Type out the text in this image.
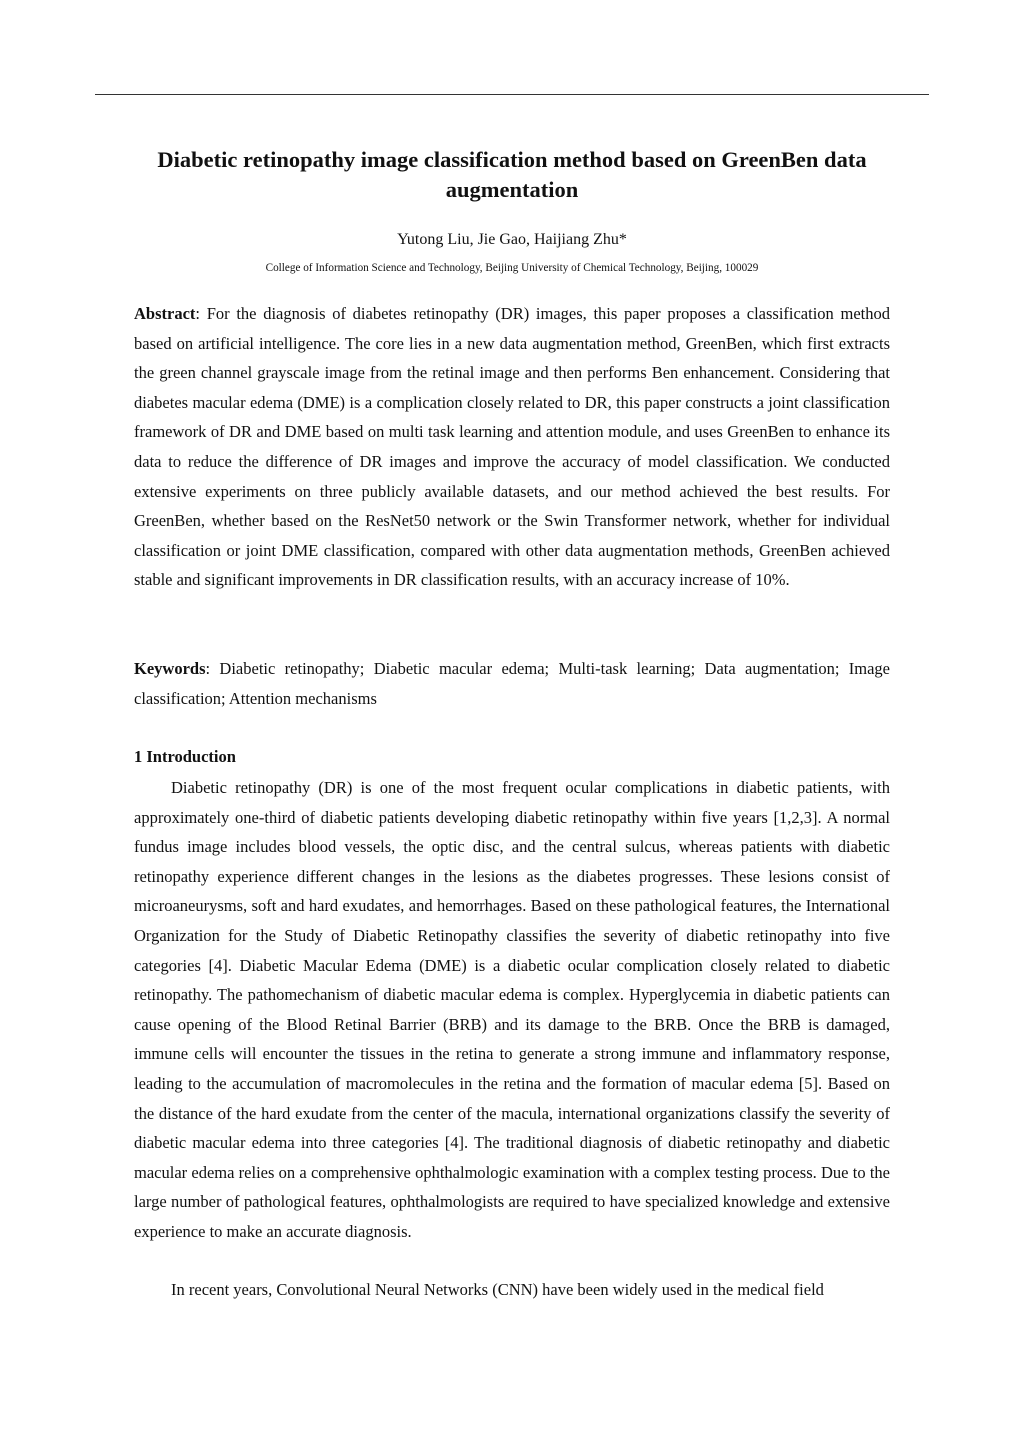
Diabetic retinopathy image classification method based on GreenBen data augmentation
Yutong Liu, Jie Gao, Haijiang Zhu*
College of Information Science and Technology, Beijing University of Chemical Technology, Beijing, 100029

Abstract: For the diagnosis of diabetes retinopathy (DR) images, this paper proposes a classification method based on artificial intelligence. The core lies in a new data augmentation method, GreenBen, which first extracts the green channel grayscale image from the retinal image and then performs Ben enhancement. Considering that diabetes macular edema (DME) is a complication closely related to DR, this paper constructs a joint classification framework of DR and DME based on multi task learning and attention module, and uses GreenBen to enhance its data to reduce the difference of DR images and improve the accuracy of model classification. We conducted extensive experiments on three publicly available datasets, and our method achieved the best results. For GreenBen, whether based on the ResNet50 network or the Swin Transformer network, whether for individual classification or joint DME classification, compared with other data augmentation methods, GreenBen achieved stable and significant improvements in DR classification results, with an accuracy increase of 10%.

Keywords: Diabetic retinopathy; Diabetic macular edema; Multi-task learning; Data augmentation; Image classification; Attention mechanisms

1 Introduction

Diabetic retinopathy (DR) is one of the most frequent ocular complications in diabetic patients, with approximately one-third of diabetic patients developing diabetic retinopathy within five years [1,2,3]. A normal fundus image includes blood vessels, the optic disc, and the central sulcus, whereas patients with diabetic retinopathy experience different changes in the lesions as the diabetes progresses. These lesions consist of microaneurysms, soft and hard exudates, and hemorrhages. Based on these pathological features, the International Organization for the Study of Diabetic Retinopathy classifies the severity of diabetic retinopathy into five categories [4]. Diabetic Macular Edema (DME) is a diabetic ocular complication closely related to diabetic retinopathy. The pathomechanism of diabetic macular edema is complex. Hyperglycemia in diabetic patients can cause opening of the Blood Retinal Barrier (BRB) and its damage to the BRB. Once the BRB is damaged, immune cells will encounter the tissues in the retina to generate a strong immune and inflammatory response, leading to the accumulation of macromolecules in the retina and the formation of macular edema [5]. Based on the distance of the hard exudate from the center of the macula, international organizations classify the severity of diabetic macular edema into three categories [4]. The traditional diagnosis of diabetic retinopathy and diabetic macular edema relies on a comprehensive ophthalmologic examination with a complex testing process. Due to the large number of pathological features, ophthalmologists are required to have specialized knowledge and extensive experience to make an accurate diagnosis.

In recent years, Convolutional Neural Networks (CNN) have been widely used in the medical field
